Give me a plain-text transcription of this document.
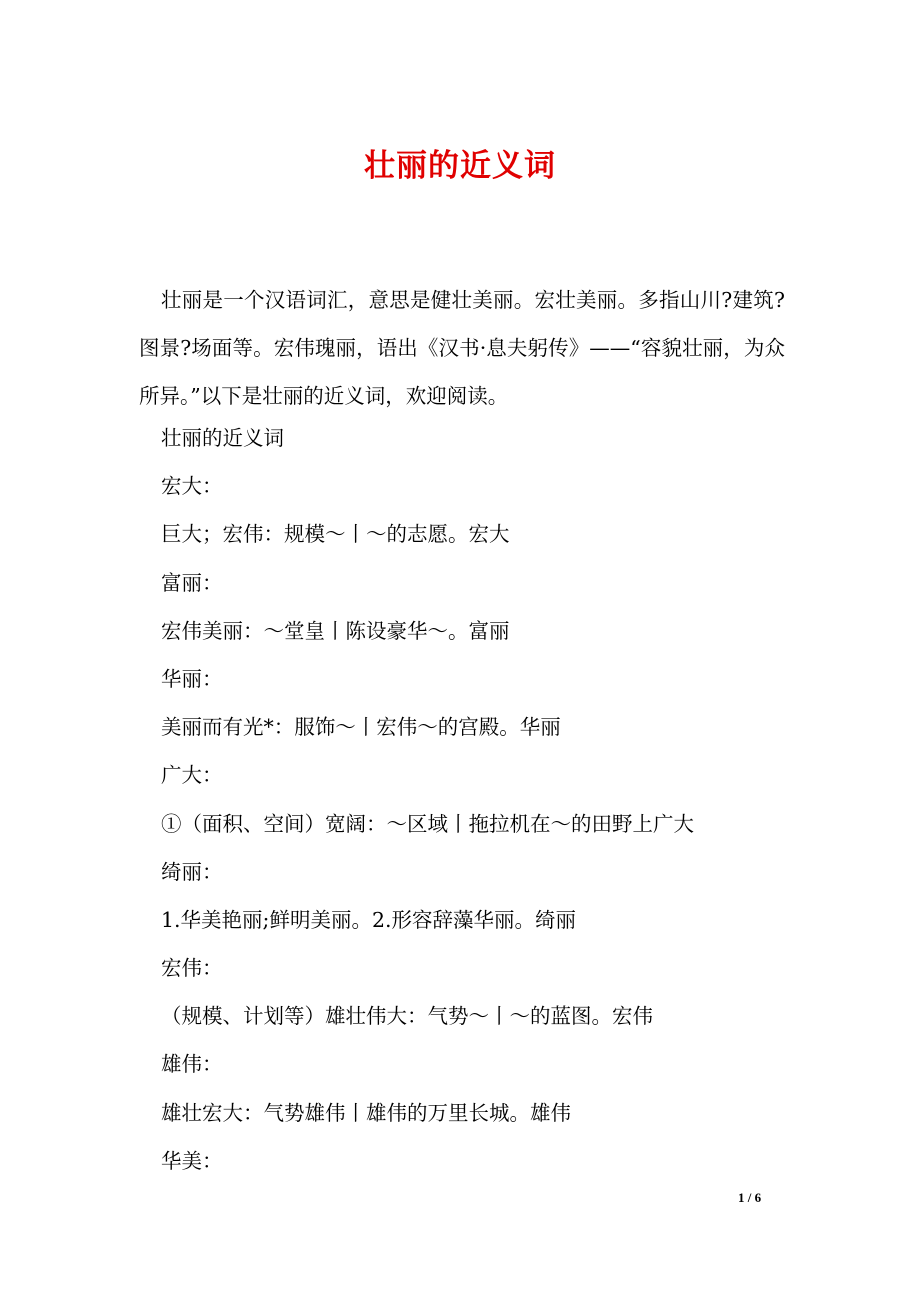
壮丽的近义词

壮丽是一个汉语词汇，意思是健壮美丽。宏壮美丽。多指山川?建筑?图景?场面等。宏伟瑰丽，语出《汉书·息夫躬传》——“容貌壮丽，为众所异。”以下是壮丽的近义词，欢迎阅读。

壮丽的近义词
宏大：
巨大；宏伟：规模～丨～的志愿。宏大
富丽：
宏伟美丽：～堂皇丨陈设豪华～。富丽
华丽：
美丽而有光*：服饰～丨宏伟～的宫殿。华丽
广大：
①（面积、空间）宽阔：～区域丨拖拉机在～的田野上广大
绮丽：
1.华美艳丽;鲜明美丽。2.形容辞藻华丽。绮丽
宏伟：
（规模、计划等）雄壮伟大：气势～丨～的蓝图。宏伟
雄伟：
雄壮宏大：气势雄伟丨雄伟的万里长城。雄伟
华美：
1 / 6
